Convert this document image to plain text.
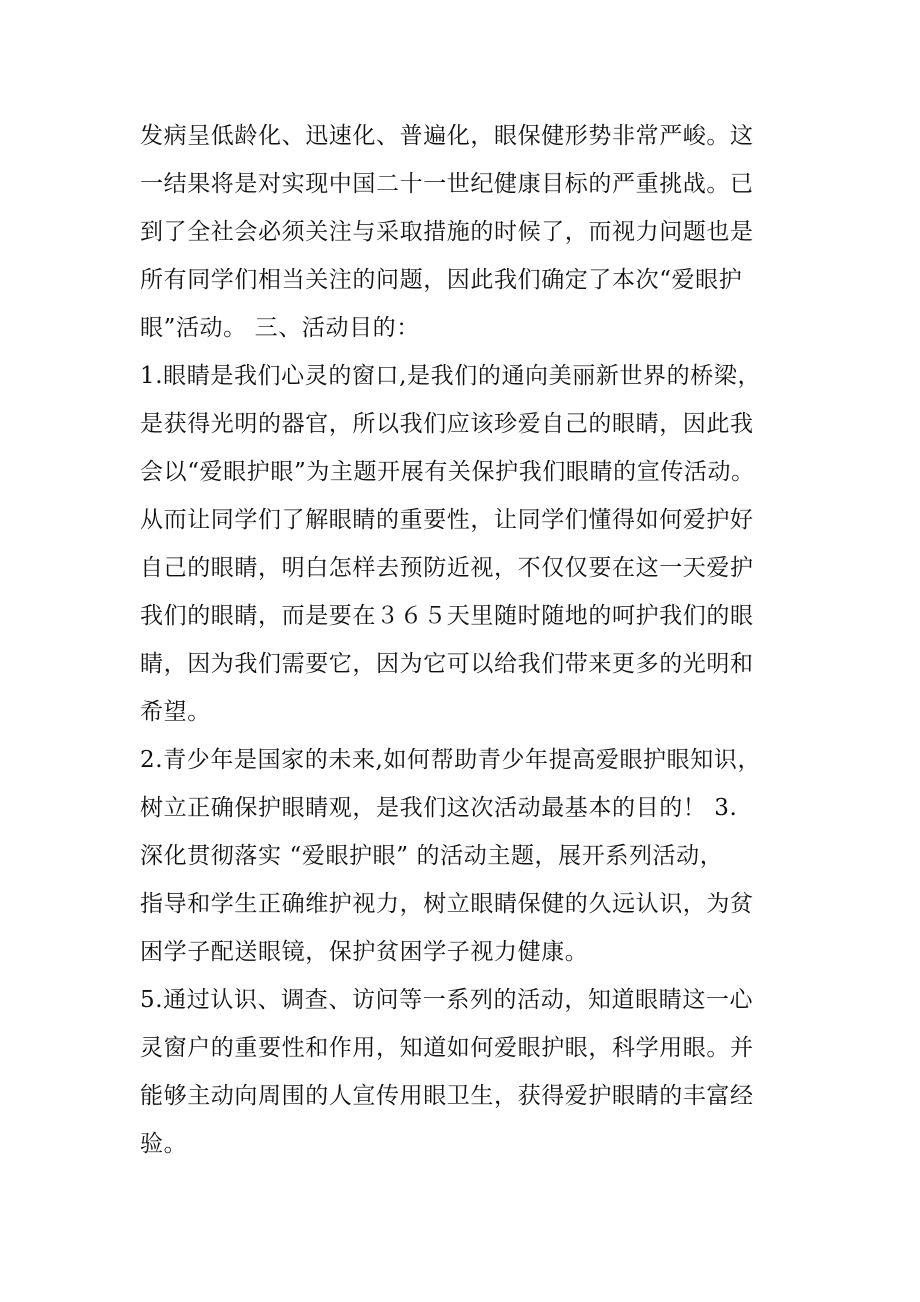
发病呈低龄化、迅速化、普遍化，眼保健形势非常严峻。这
一结果将是对实现中国二十一世纪健康目标的严重挑战。已
到了全社会必须关注与采取措施的时候了，而视力问题也是
所有同学们相当关注的问题，因此我们确定了本次“爱眼护
眼”活动。 三、活动目的：
1.眼睛是我们心灵的窗口,是我们的通向美丽新世界的桥梁，
是获得光明的器官，所以我们应该珍爱自己的眼睛，因此我
会以“爱眼护眼”为主题开展有关保护我们眼睛的宣传活动。
从而让同学们了解眼睛的重要性，让同学们懂得如何爱护好
自己的眼睛，明白怎样去预防近视，不仅仅要在这一天爱护
我们的眼睛，而是要在３６５天里随时随地的呵护我们的眼
睛，因为我们需要它，因为它可以给我们带来更多的光明和
希望。
2.青少年是国家的未来,如何帮助青少年提高爱眼护眼知识，
树立正确保护眼睛观，是我们这次活动最基本的目的！ 3.
深化贯彻落实 “爱眼护眼” 的活动主题，展开系列活动，
指导和学生正确维护视力，树立眼睛保健的久远认识，为贫
困学子配送眼镜，保护贫困学子视力健康。
5.通过认识、调查、访问等一系列的活动，知道眼睛这一心
灵窗户的重要性和作用，知道如何爱眼护眼，科学用眼。并
能够主动向周围的人宣传用眼卫生，获得爱护眼睛的丰富经
验。
